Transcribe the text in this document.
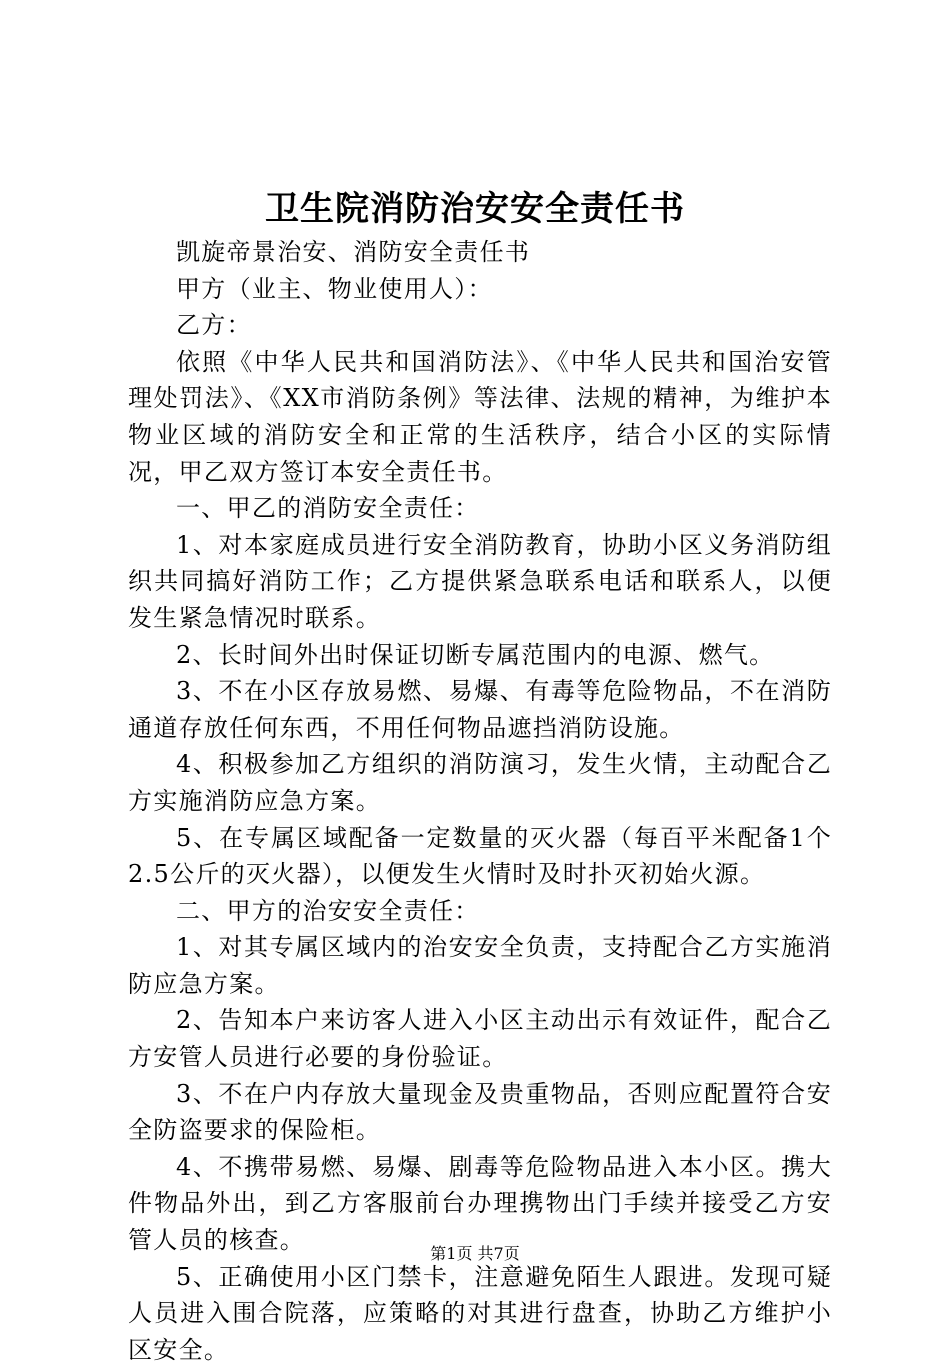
卫生院消防治安安全责任书

凯旋帝景治安、消防安全责任书

甲方（业主、物业使用人）：

乙方：

依照《中华人民共和国消防法》、《中华人民共和国治安管理处罚法》、《XX市消防条例》等法律、法规的精神，为维护本物业区域的消防安全和正常的生活秩序，结合小区的实际情况，甲乙双方签订本安全责任书。

一、甲乙的消防安全责任：

1、对本家庭成员进行安全消防教育，协助小区义务消防组织共同搞好消防工作；乙方提供紧急联系电话和联系人，以便发生紧急情况时联系。

2、长时间外出时保证切断专属范围内的电源、燃气。

3、不在小区存放易燃、易爆、有毒等危险物品，不在消防通道存放任何东西，不用任何物品遮挡消防设施。

4、积极参加乙方组织的消防演习，发生火情，主动配合乙方实施消防应急方案。

5、在专属区域配备一定数量的灭火器（每百平米配备1个2.5公斤的灭火器），以便发生火情时及时扑灭初始火源。

二、甲方的治安安全责任：

1、对其专属区域内的治安安全负责，支持配合乙方实施消防应急方案。

2、告知本户来访客人进入小区主动出示有效证件，配合乙方安管人员进行必要的身份验证。

3、不在户内存放大量现金及贵重物品，否则应配置符合安全防盗要求的保险柜。

4、不携带易燃、易爆、剧毒等危险物品进入本小区。携大件物品外出，到乙方客服前台办理携物出门手续并接受乙方安管人员的核查。

5、正确使用小区门禁卡，注意避免陌生人跟进。发现可疑人员进入围合院落，应策略的对其进行盘查，协助乙方维护小区安全。

第1页 共7页
